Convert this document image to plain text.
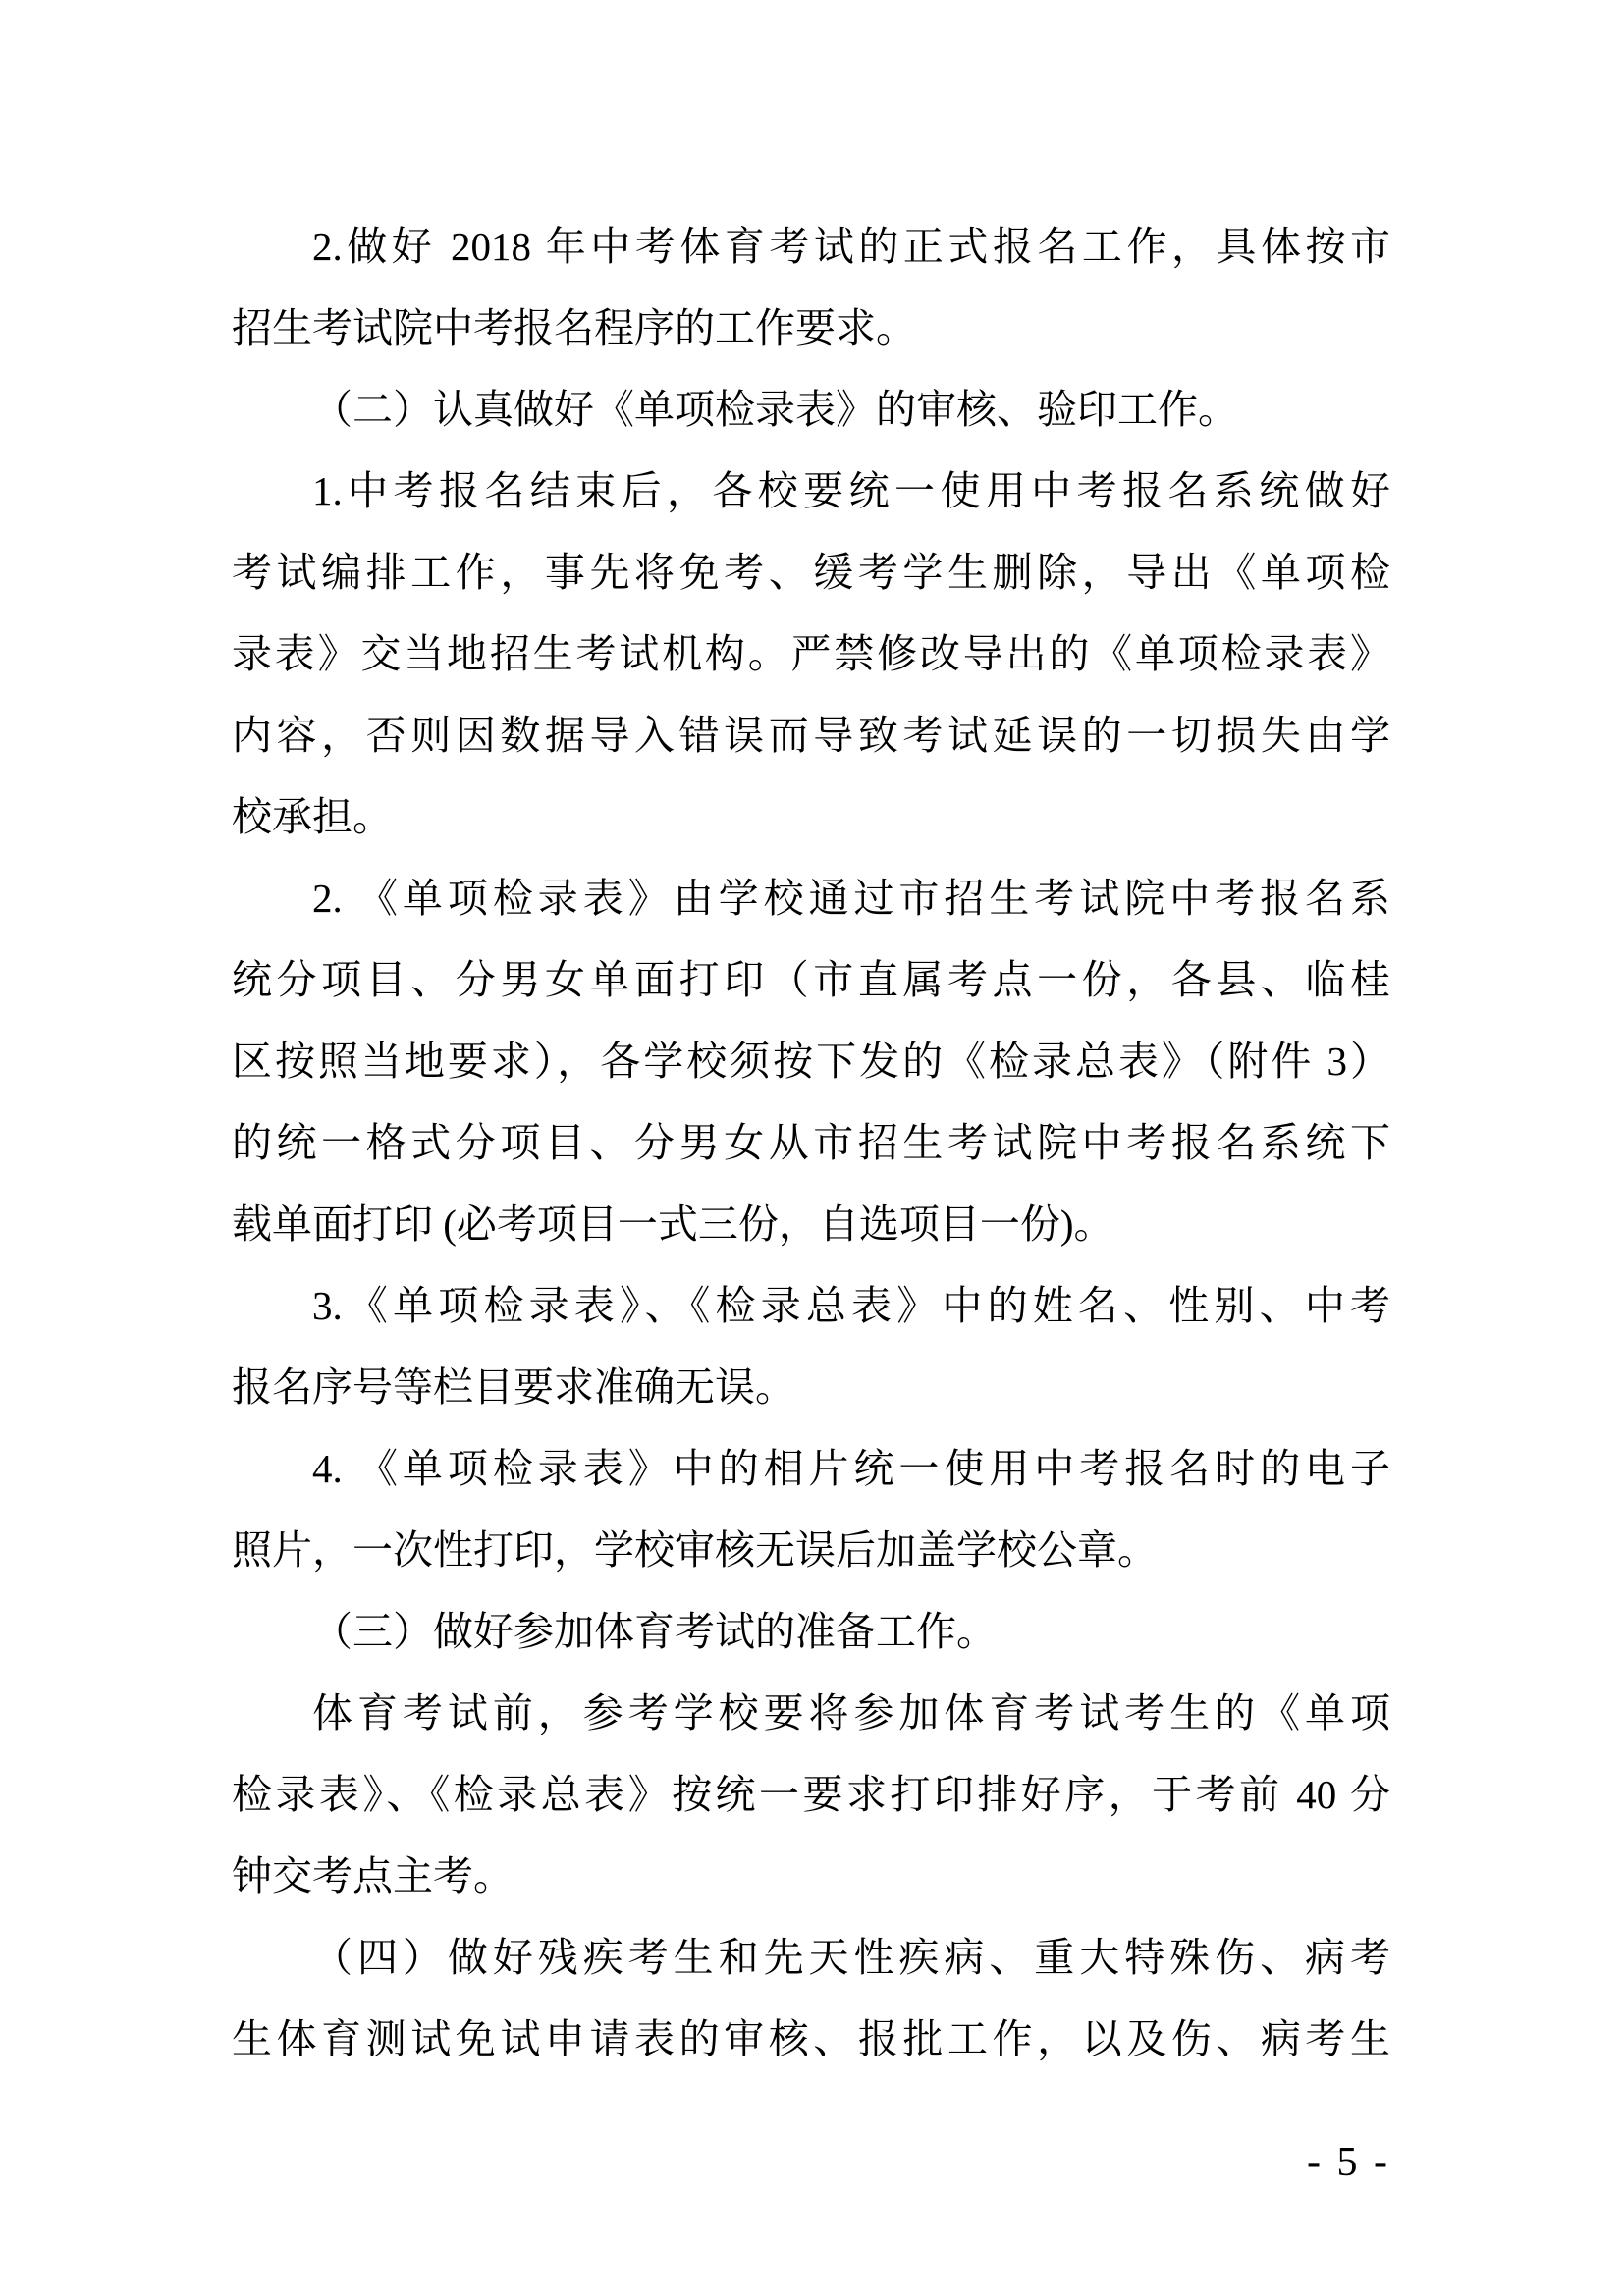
2.做好 2018 年中考体育考试的正式报名工作，具体按市
招生考试院中考报名程序的工作要求。
（二）认真做好《单项检录表》的审核、验印工作。
1.中考报名结束后，各校要统一使用中考报名系统做好
考试编排工作，事先将免考、缓考学生删除，导出《单项检
录表》交当地招生考试机构。严禁修改导出的《单项检录表》
内容，否则因数据导入错误而导致考试延误的一切损失由学
校承担。
2. 《单项检录表》由学校通过市招生考试院中考报名系
统分项目、分男女单面打印（市直属考点一份，各县、临桂
区按照当地要求），各学校须按下发的《检录总表》（附件 3）
的统一格式分项目、分男女从市招生考试院中考报名系统下
载单面打印 (必考项目一式三份，自选项目一份)。
3.《单项检录表》、《检录总表》中的姓名、性别、中考
报名序号等栏目要求准确无误。
4. 《单项检录表》中的相片统一使用中考报名时的电子
照片，一次性打印，学校审核无误后加盖学校公章。
（三）做好参加体育考试的准备工作。
体育考试前，参考学校要将参加体育考试考生的《单项
检录表》、《检录总表》按统一要求打印排好序，于考前 40 分
钟交考点主考。
（四）做好残疾考生和先天性疾病、重大特殊伤、病考
生体育测试免试申请表的审核、报批工作，以及伤、病考生
- 5 -
